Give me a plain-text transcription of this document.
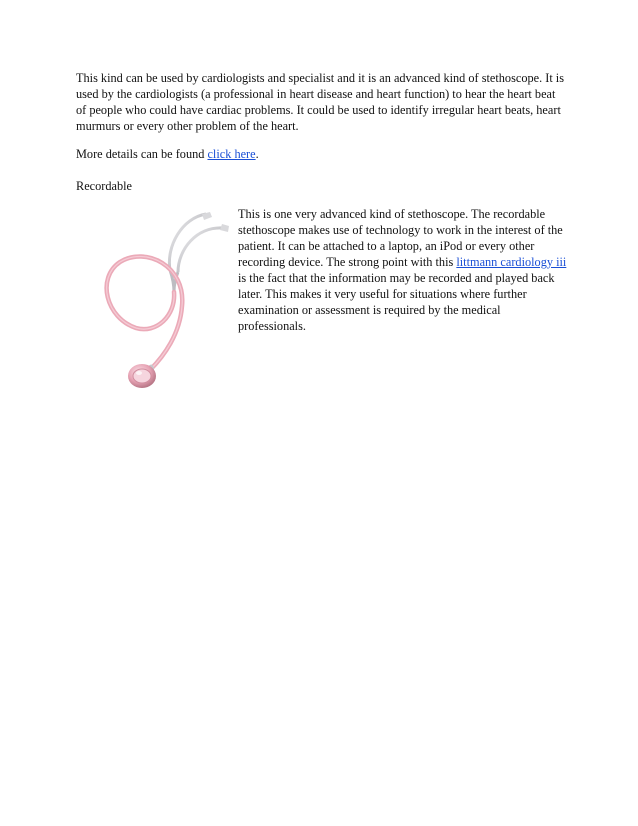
This kind can be used by cardiologists and specialist and it is an advanced kind of stethoscope. It is used by the cardiologists (a professional in heart disease and heart function) to hear the heart beat of people who could have cardiac problems. It could be used to identify irregular heart beats, heart murmurs or every other problem of the heart.

More details can be found click here.

Recordable

This is one very advanced kind of stethoscope. The recordable stethoscope makes use of technology to work in the interest of the patient. It can be attached to a laptop, an iPod or every other recording device. The strong point with this littmann cardiology iii is the fact that the information may be recorded and played back later. This makes it very useful for situations where further examination or assessment is required by the medical professionals.
